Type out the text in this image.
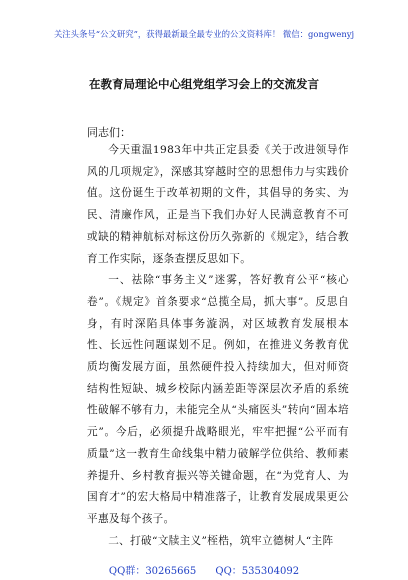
关注头条号“公文研究”，获得最新最全最专业的公文资料库！ 微信：gongwenyj
在教育局理论中心组党组学习会上的交流发言
同志们：

今天重温1983年中共正定县委《关于改进领导作风的几项规定》，深感其穿越时空的思想伟力与实践价值。这份诞生于改革初期的文件，其倡导的务实、为民、清廉作风，正是当下我们办好人民满意教育不可或缺的精神航标对标这份历久弥新的《规定》，结合教育工作实际，逐条查摆反思如下。

一、祛除“事务主义”迷雾，答好教育公平“核心卷”。《规定》首条要求“总揽全局，抓大事”。反思自身，有时深陷具体事务漩涡，对区域教育发展根本性、长远性问题谋划不足。例如，在推进义务教育优质均衡发展方面，虽然硬件投入持续加大，但对师资结构性短缺、城乡校际内涵差距等深层次矛盾的系统性破解不够有力，未能完全从“头痛医头”转向“固本培元”。今后，必须提升战略眼光，牢牢把握“公平而有质量”这一教育生命线集中精力破解学位供给、教师素养提升、乡村教育振兴等关键命题，在“为党育人、为国育才”的宏大格局中精准落子，让教育发展成果更公平惠及每个孩子。

二、打破“文牍主义”桎梏，筑牢立德树人“主阵

QQ群：30265665 QQ：535304092
